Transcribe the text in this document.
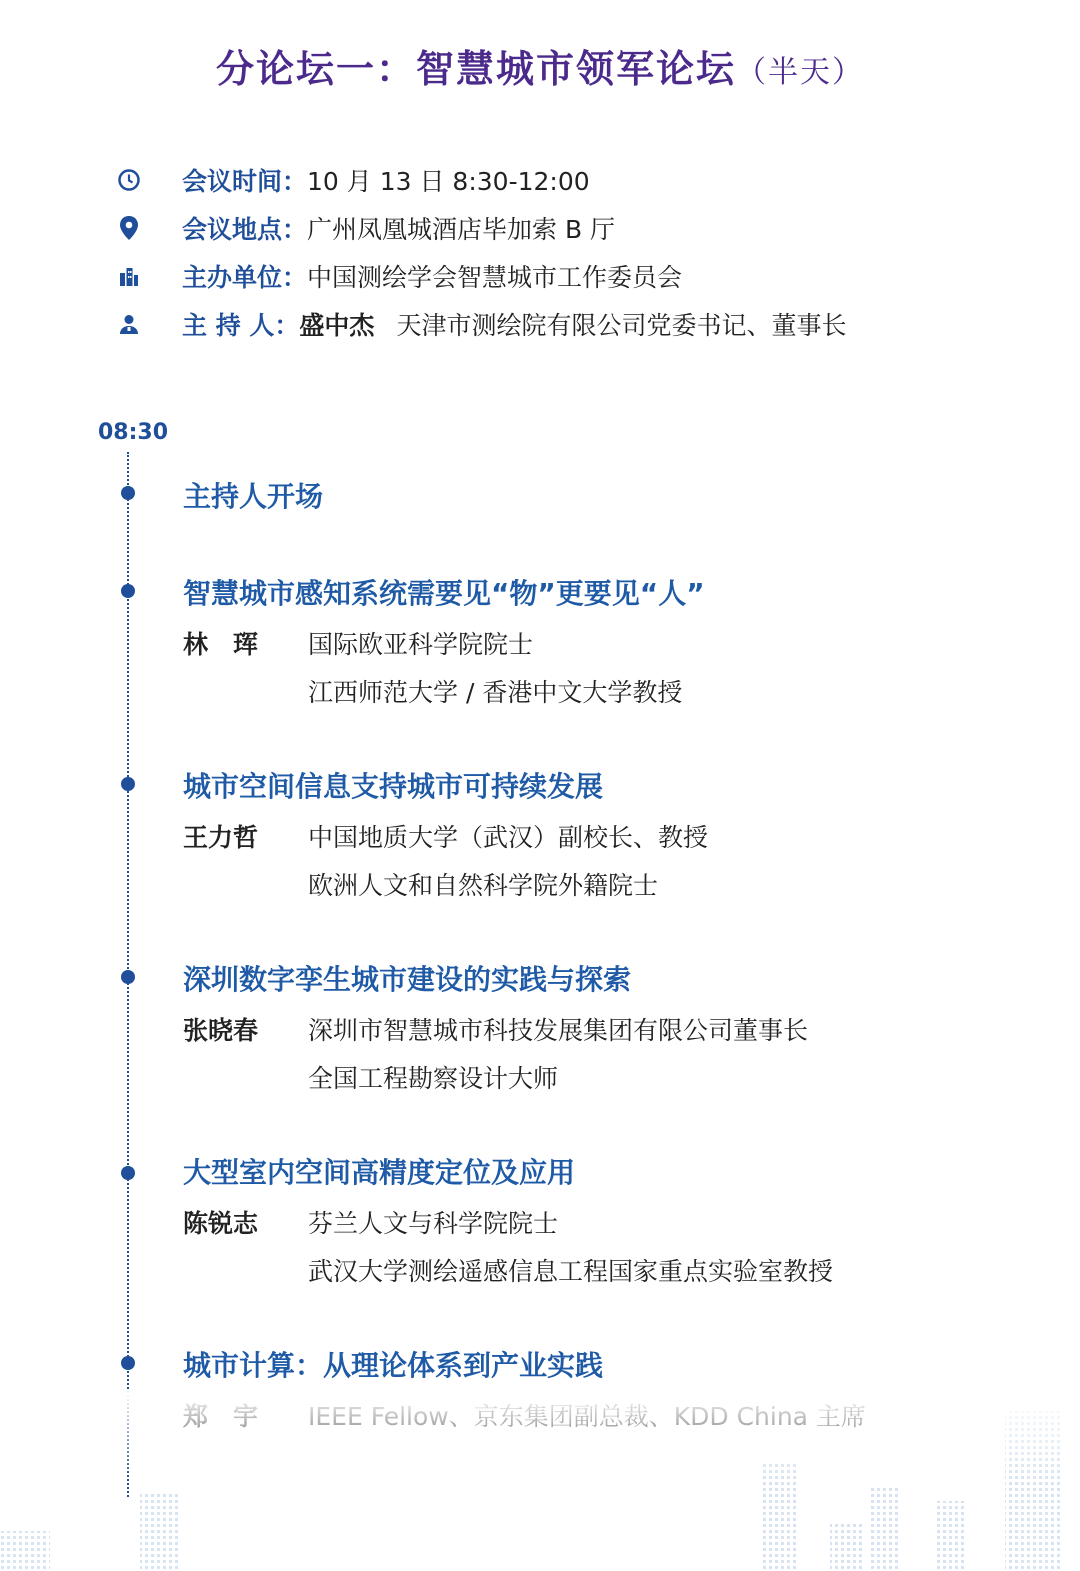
分论坛一：智慧城市领军论坛（半天）
会议时间： 10 月 13 日 8:30-12:00
会议地点： 广州凤凰城酒店毕加索 B 厅
主办单位： 中国测绘学会智慧城市工作委员会
主 持 人： 盛中杰 天津市测绘院有限公司党委书记、董事长
08:30
主持人开场
智慧城市感知系统需要见“物”更要见“人”
林　珲 国际欧亚科学院院士
江西师范大学 / 香港中文大学教授
城市空间信息支持城市可持续发展
王力哲 中国地质大学（武汉）副校长、教授
欧洲人文和自然科学院外籍院士
深圳数字孪生城市建设的实践与探索
张晓春 深圳市智慧城市科技发展集团有限公司董事长
全国工程勘察设计大师
大型室内空间高精度定位及应用
陈锐志 芬兰人文与科学院院士
武汉大学测绘遥感信息工程国家重点实验室教授
城市计算：从理论体系到产业实践
